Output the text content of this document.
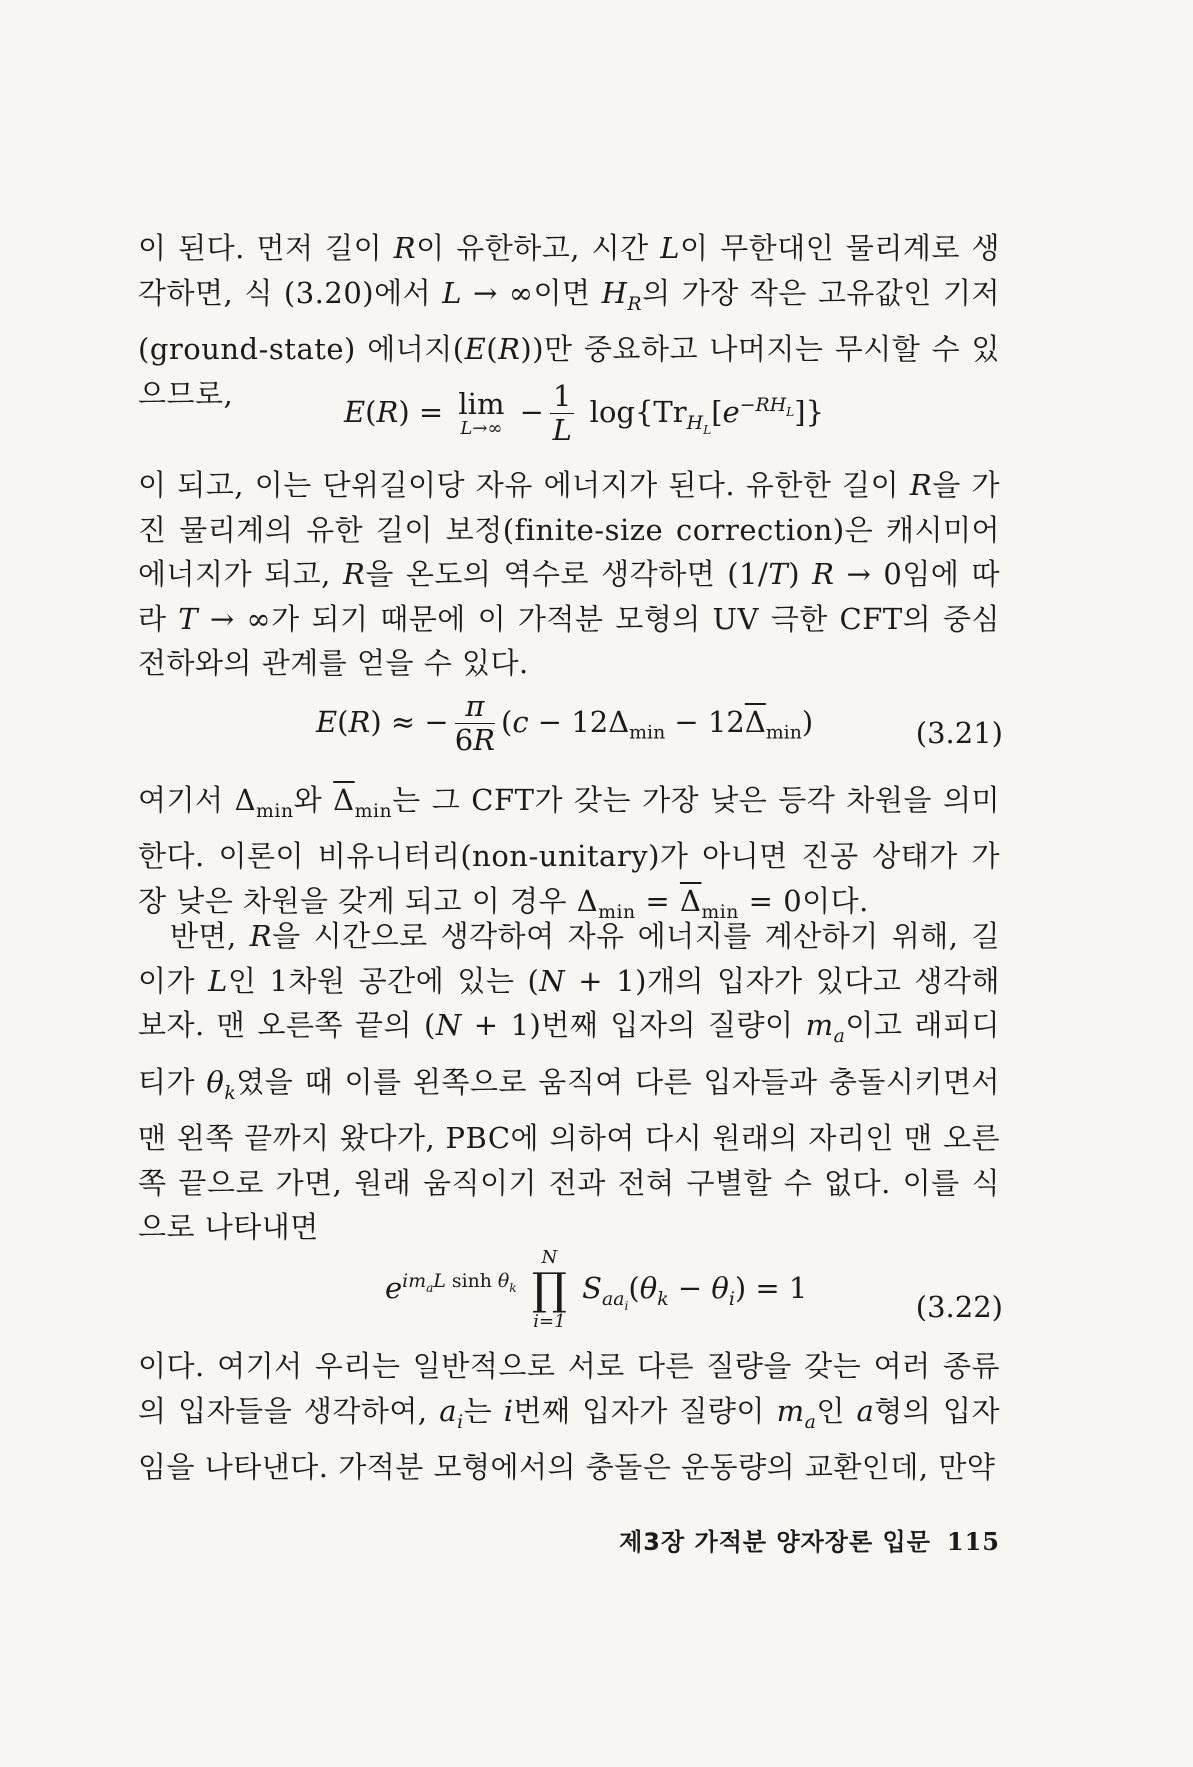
이 된다. 먼저 길이 R이 유한하고, 시간 L이 무한대인 물리계로 생각하면, 식 (3.20)에서 L → ∞이면 $H_R$의 가장 작은 고유값인 기저(ground-state) 에너지(E(R))만 중요하고 나머지는 무시할 수 있으므로,

E(R) = lim
$L\to\infty - \frac{1}{L} \log\{Tr_{H_L}[e^{-RH_L}]\}$

이 되고, 이는 단위길이당 자유 에너지가 된다. 유한한 길이 R을 가진 물리계의 유한 길이 보정(finite-size correction)은 캐시미어 에너지가 되고, R을 온도의 역수로 생각하면 (1/T) R → 0임에 따라 T → ∞가 되기 때문에 이 가적분 모형의 UV 극한 CFT의 중심 전하와의 관계를 얻을 수 있다.

E(R) ≈ − $\frac{\pi}{6R} (c - 12\Delta_{min} - 12\overline{\Delta}_{min})$	(3.21)

여기서 $\Delta_{min}$와 $\overline{\Delta}_{min}$는 그 CFT가 갖는 가장 낮은 등각 차원을 의미한다. 이론이 비유니터리(non-unitary)가 아니면 진공 상태가 가장 낮은 차원을 갖게 되고 이 경우 $\Delta_{min} = \overline{\Delta}_{min} = 0$이다.

반면, R을 시간으로 생각하여 자유 에너지를 계산하기 위해, 길이가 L인 1차원 공간에 있는 (N + 1)개의 입자가 있다고 생각해 보자. 맨 오른쪽 끝의 (N + 1)번째 입자의 질량이 $m_a$이고 래피디티가 $\theta_k$였을 때 이를 왼쪽으로 움직여 다른 입자들과 충돌시키면서 맨 왼쪽 끝까지 왔다가, PBC에 의하여 다시 원래의 자리인 맨 오른쪽 끝으로 가면, 원래 움직이기 전과 전혀 구별할 수 없다. 이를 식으로 나타내면

$e^{im_aL sinh \theta_k}$
N
∏
i=1
$S_{aa_i}(\theta_k - \theta_i) = 1$
(3.22)

이다. 여기서 우리는 일반적으로 서로 다른 질량을 갖는 여러 종류의 입자들을 생각하여, $a_i$는 i번째 입자가 질량이 $m_a$인 a형의 입자임을 나타낸다. 가적분 모형에서의 충돌은 운동량의 교환인데, 만약

제3장 가적분 양자장론 입문 115
